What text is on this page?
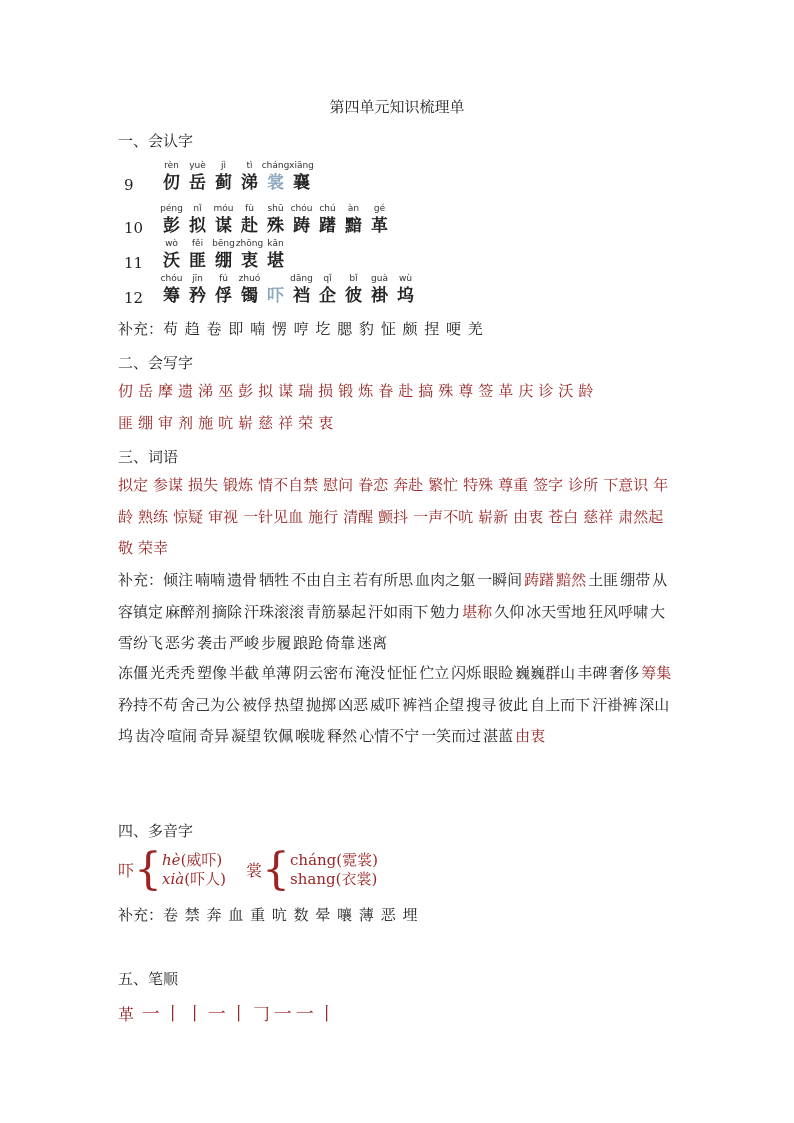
第四单元知识梳理单
一、会认字
9
rèn
仞
yuè
岳
jì
蓟
tì
涕
cháng
裳
xiāng
襄
10
péng
彭
nǐ
拟
móu
谋
fù
赴
shū
殊
chóu
踌
chú
躇
àn
黯
gé
革
11
wò
沃
fěi
匪
bēng
绷
zhōng
衷
kān
堪
12
chóu
筹
jīn
矜
fú
俘
zhuó
镯 吓
dāng
裆
qǐ
企
bǐ
彼
guà
褂
wù
坞
补充：苟 趋 卷 即 喃 愣 哼 圪 腮 豹 怔 颇 捏 哽 羌
二、会写字
仞 岳 摩 遗 涕 巫 彭 拟 谋 瑞 损 锻 炼 眷 赴 搞 殊 尊 签 革 庆 诊 沃 龄
匪 绷 审 剂 施 吭 崭 慈 祥 荣 衷
三、词语
拟定 参谋 损失 锻炼 情不自禁 慰问 眷恋 奔赴 繁忙 特殊 尊重 签字 诊所 下意识 年龄 熟练 惊疑 审视 一针见血 施行 清醒 颤抖 一声不吭 崭新 由衷 苍白 慈祥 肃然起敬 荣幸
补充：倾注 喃喃 遗骨 牺牲 不由自主 若有所思 血肉之躯 一瞬间 踌躇 黯然 土匪 绷带 从容镇定 麻醉剂 摘除 汗珠滚滚 青筋暴起 汗如雨下 勉力 堪称 久仰 冰天雪地 狂风呼啸 大雪纷飞 恶劣 袭击 严峻 步履 踉跄 倚靠 迷离
冻僵 光秃秃 塑像 半截 单薄 阴云密布 淹没 怔怔 伫立 闪烁 眼睑 巍巍群山 丰碑 奢侈 筹集矜持不苟 舍己为公 被俘 热望 抛掷 凶恶 威吓 裤裆 企望 搜寻 彼此 自上而下 汗褂裤 深山坞 齿冷 喧闹 奇异 凝望 钦佩 喉咙 释然 心情不宁 一笑而过 湛蓝 由衷
四、多音字
吓 { hè(威吓)
xià(吓人) 裳 { cháng(霓裳)
shang(衣裳)
补充：卷 禁 奔 血 重 吭 数 晕 嚷 薄 恶 埋
五、笔顺
革 一 丨 丨 一 丨 𠃌 一 一 丨
